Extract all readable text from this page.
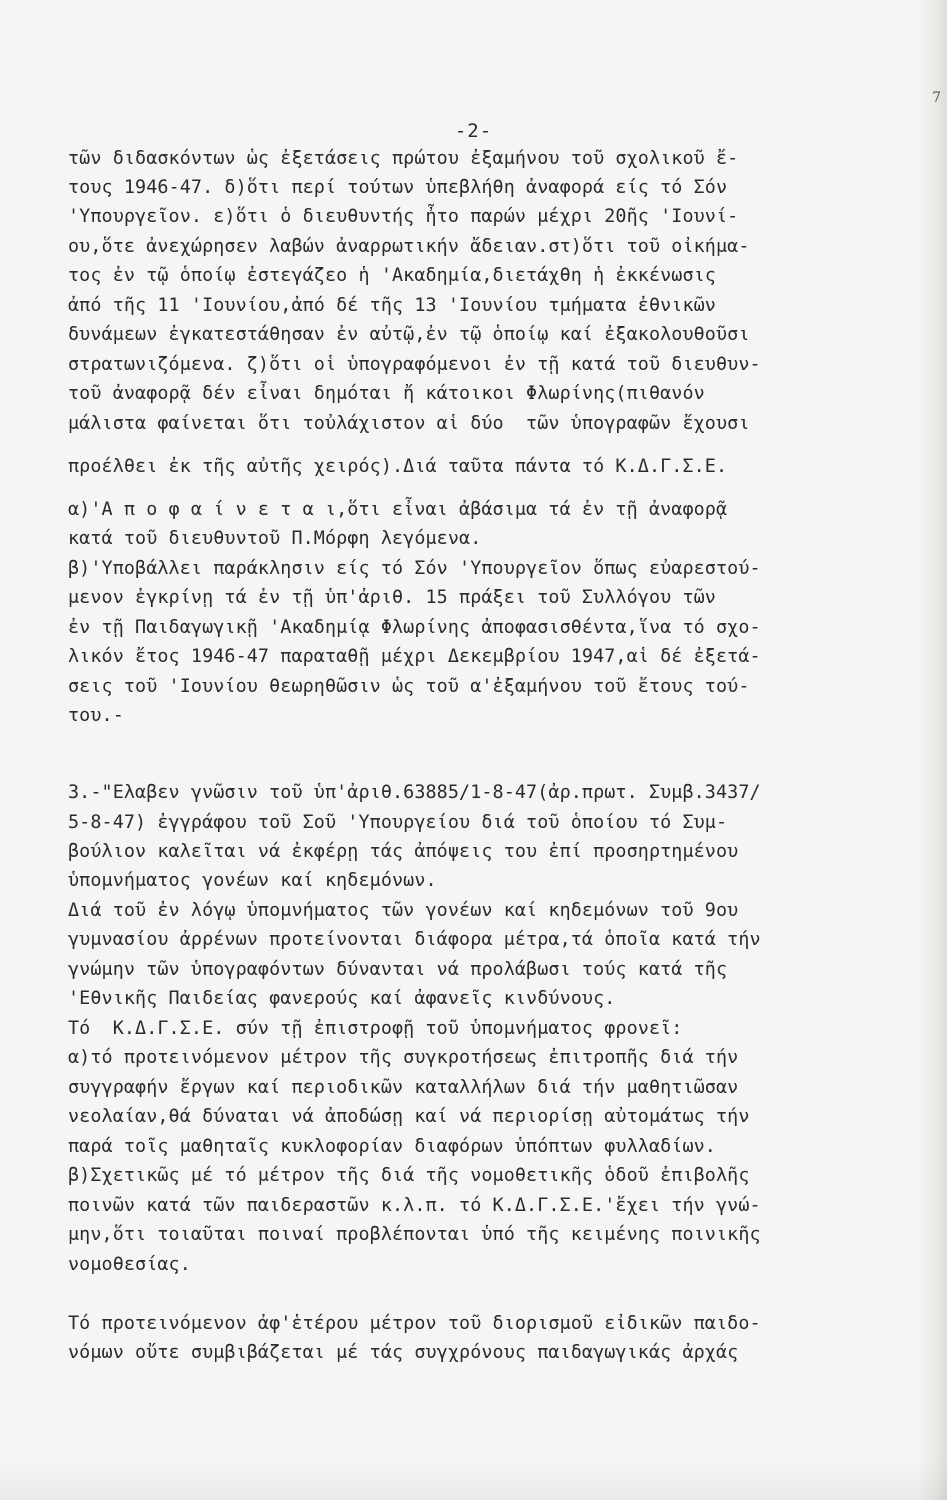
7
-2-
τῶν διδασκόντων ὡς ἐξετάσεις πρώτου ἐξαμήνου τοῦ σχολικοῦ ἔ-
τους 1946-47. δ)ὅτι περί τούτων ὑπεβλήθη ἀναφορά είς τό Σόν
'Υπουργεῖον. ε)ὅτι ὁ διευθυντής ἦτο παρών μέχρι 20ῆς 'Ιουνί-
ου,ὅτε ἀνεχώρησεν λαβών ἀναρρωτικήν ἄδειαν.στ)ὅτι τοῦ οἰκήμα-
τος ἐν τῷ ὁποίῳ ἐστεγάζεο ἡ 'Ακαδημία,διετάχθη ἡ ἐκκένωσις
ἀπό τῆς 11 'Ιουνίου,ἀπό δέ τῆς 13 'Ιουνίου τμήματα ἐθνικῶν
δυνάμεων ἐγκατεστάθησαν ἐν αὐτῷ,ἐν τῷ ὁποίῳ καί ἐξακολουθοῦσι
στρατωνιζόμενα. ζ)ὅτι οἱ ὑπογραφόμενοι ἐν τῇ κατά τοῦ διευθυν-
τοῦ ἀναφορᾷ δέν εἶναι δημόται ἤ κάτοικοι Φλωρίνης(πιθανόν
μάλιστα φαίνεται ὅτι τοὐλάχιστον αἱ δύο  τῶν ὑπογραφῶν ἔχουσι
προέλθει ἐκ τῆς αὐτῆς χειρός).Διά ταῦτα πάντα τό Κ.Δ.Γ.Σ.Ε.
α)'Α π ο φ α ί ν ε τ α ι,ὅτι εἶναι ἀβάσιμα τά ἐν τῇ ἀναφορᾷ
κατά τοῦ διευθυντοῦ Π.Μόρφη λεγόμενα.
β)'Υποβάλλει παράκλησιν είς τό Σόν 'Υπουργεῖον ὅπως εὐαρεστού-
μενον ἐγκρίνῃ τά ἐν τῇ ὑπ'ἀριθ. 15 πράξει τοῦ Συλλόγου τῶν
ἐν τῇ Παιδαγωγικῇ 'Ακαδημίᾳ Φλωρίνης ἀποφασισθέντα,ἵνα τό σχο-
λικόν ἔτος 1946-47 παραταθῇ μέχρι Δεκεμβρίου 1947,αἱ δέ ἐξετά-
σεις τοῦ 'Ιουνίου θεωρηθῶσιν ὡς τοῦ α'ἐξαμήνου τοῦ ἔτους τού-
του.-
3.-"Ελαβεν γνῶσιν τοῦ ὑπ'ἀριθ.63885/1-8-47(ἀρ.πρωτ. Συμβ.3437/
5-8-47) ἐγγράφου τοῦ Σοῦ 'Υπουργείου διά τοῦ ὁποίου τό Συμ-
βούλιον καλεῖται νά ἐκφέρῃ τάς ἀπόψεις του ἐπί προσηρτημένου
ὑπομνήματος γονέων καί κηδεμόνων.
Διά τοῦ ἐν λόγῳ ὑπομνήματος τῶν γονέων καί κηδεμόνων τοῦ 9ου
γυμνασίου ἀρρένων προτείνονται διάφορα μέτρα,τά ὁποῖα κατά τήν
γνώμην τῶν ὑπογραφόντων δύνανται νά προλάβωσι τούς κατά τῆς
'Εθνικῆς Παιδείας φανερούς καί ἀφανεῖς κινδύνους.
Τό  Κ.Δ.Γ.Σ.Ε. σύν τῇ ἐπιστροφῇ τοῦ ὑπομνήματος φρονεῖ:
α)τό προτεινόμενον μέτρον τῆς συγκροτήσεως ἐπιτροπῆς διά τήν
συγγραφήν ἔργων καί περιοδικῶν καταλλήλων διά τήν μαθητιῶσαν
νεολαίαν,θά δύναται νά ἀποδώσῃ καί νά περιορίσῃ αὐτομάτως τήν
παρά τοῖς μαθηταῖς κυκλοφορίαν διαφόρων ὑπόπτων φυλλαδίων.
β)Σχετικῶς μέ τό μέτρον τῆς διά τῆς νομοθετικῆς ὁδοῦ ἐπιβολῆς
ποινῶν κατά τῶν παιδεραστῶν κ.λ.π. τό Κ.Δ.Γ.Σ.Ε.'ἔχει τήν γνώ-
μην,ὅτι τοιαῦται ποιναί προβλέπονται ὑπό τῆς κειμένης ποινικῆς
νομοθεσίας.
Τό προτεινόμενον ἀφ'ἑτέρου μέτρον τοῦ διορισμοῦ εἰδικῶν παιδο-
νόμων οὔτε συμβιβάζεται μέ τάς συγχρόνους παιδαγωγικάς ἀρχάς
